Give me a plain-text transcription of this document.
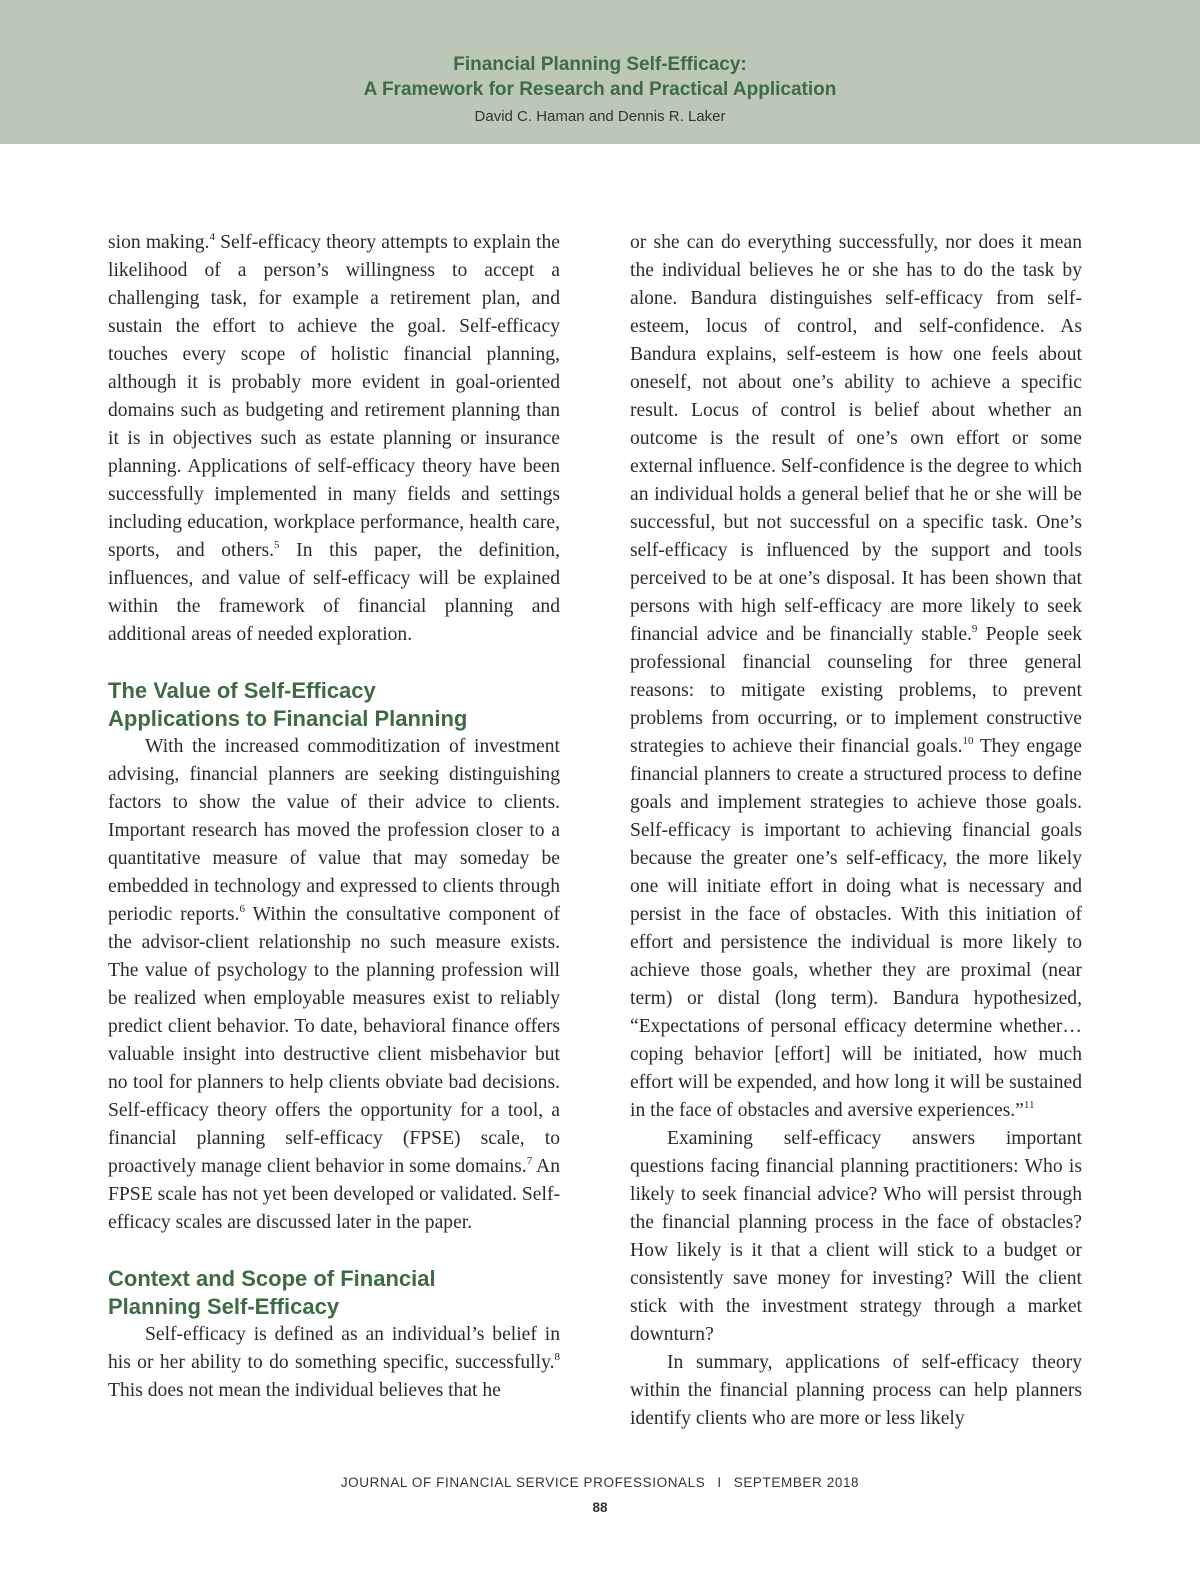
Financial Planning Self-Efficacy:
A Framework for Research and Practical Application
David C. Haman and Dennis R. Laker

sion making.$^4$ Self-efficacy theory attempts to explain the likelihood of a person’s willingness to accept a challenging task, for example a retirement plan, and sustain the effort to achieve the goal. Self-efficacy touches every scope of holistic financial planning, although it is probably more evident in goal-oriented domains such as budgeting and retirement planning than it is in objectives such as estate planning or insurance planning. Applications of self-efficacy theory have been successfully implemented in many fields and settings including education, workplace performance, health care, sports, and others.$^5$ In this paper, the definition, influences, and value of self-efficacy will be explained within the framework of financial planning and additional areas of needed exploration.

The Value of Self-Efficacy
Applications to Financial Planning

With the increased commoditization of investment advising, financial planners are seeking distinguishing factors to show the value of their advice to clients. Important research has moved the profession closer to a quantitative measure of value that may someday be embedded in technology and expressed to clients through periodic reports.$^6$ Within the consultative component of the advisor-client relationship no such measure exists. The value of psychology to the planning profession will be realized when employable measures exist to reliably predict client behavior. To date, behavioral finance offers valuable insight into destructive client misbehavior but no tool for planners to help clients obviate bad decisions. Self-efficacy theory offers the opportunity for a tool, a financial planning self-efficacy (FPSE) scale, to proactively manage client behavior in some domains.$^7$ An FPSE scale has not yet been developed or validated. Self-efficacy scales are discussed later in the paper.

Context and Scope of Financial
Planning Self-Efficacy

Self-efficacy is defined as an individual’s belief in his or her ability to do something specific, successfully.$^8$ This does not mean the individual believes that he

or she can do everything successfully, nor does it mean the individual believes he or she has to do the task by alone. Bandura distinguishes self-efficacy from self-esteem, locus of control, and self-confidence. As Bandura explains, self-esteem is how one feels about oneself, not about one’s ability to achieve a specific result. Locus of control is belief about whether an outcome is the result of one’s own effort or some external influence. Self-confidence is the degree to which an individual holds a general belief that he or she will be successful, but not successful on a specific task. One’s self-efficacy is influenced by the support and tools perceived to be at one’s disposal. It has been shown that persons with high self-efficacy are more likely to seek financial advice and be financially stable.$^9$ People seek professional financial counseling for three general reasons: to mitigate existing problems, to prevent problems from occurring, or to implement constructive strategies to achieve their financial goals.$^{10}$ They engage financial planners to create a structured process to define goals and implement strategies to achieve those goals. Self-efficacy is important to achieving financial goals because the greater one’s self-efficacy, the more likely one will initiate effort in doing what is necessary and persist in the face of obstacles. With this initiation of effort and persistence the individual is more likely to achieve those goals, whether they are proximal (near term) or distal (long term). Bandura hypothesized, “Expectations of personal efficacy determine whether…coping behavior [effort] will be initiated, how much effort will be expended, and how long it will be sustained in the face of obstacles and aversive experiences.”$^{11}$

Examining self-efficacy answers important questions facing financial planning practitioners: Who is likely to seek financial advice? Who will persist through the financial planning process in the face of obstacles? How likely is it that a client will stick to a budget or consistently save money for investing? Will the client stick with the investment strategy through a market downturn?

In summary, applications of self-efficacy theory within the financial planning process can help planners identify clients who are more or less likely

JOURNAL OF FINANCIAL SERVICE PROFESSIONALS I SEPTEMBER 2018
88
